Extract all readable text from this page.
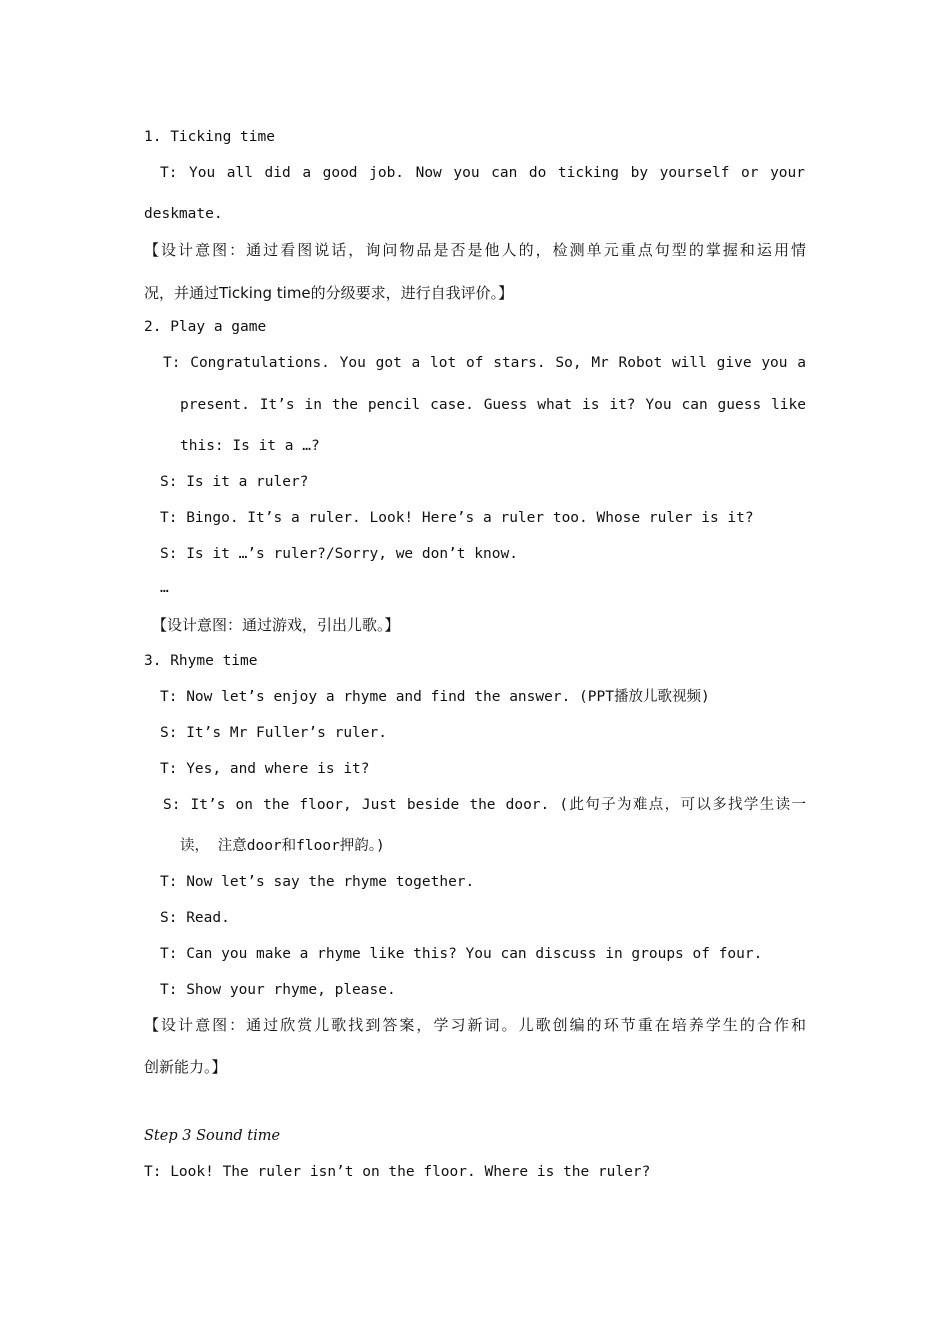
1. Ticking time
T: You all did a good job. Now you can do ticking by yourself or your
deskmate.
【设计意图：通过看图说话，询问物品是否是他人的，检测单元重点句型的掌握和运用情
况，并通过Ticking time的分级要求，进行自我评价。】
2. Play a game
T: Congratulations. You got a lot of stars. So, Mr Robot will give you a
present. It’s in the pencil case. Guess what is it? You can guess like
this: Is it a …?
S: Is it a ruler?
T: Bingo. It’s a ruler. Look! Here’s a ruler too. Whose ruler is it?
S: Is it …’s ruler?/Sorry, we don’t know.
…
【设计意图：通过游戏，引出儿歌。】
3. Rhyme time
T: Now let’s enjoy a rhyme and find the answer. (PPT播放儿歌视频)
S: It’s Mr Fuller’s ruler.
T: Yes, and where is it?
S: It’s on the floor, Just beside the door. (此句子为难点，可以多找学生读一
读， 注意door和floor押韵。)
T: Now let’s say the rhyme together.
S: Read.
T: Can you make a rhyme like this? You can discuss in groups of four.
T: Show your rhyme, please.
【设计意图：通过欣赏儿歌找到答案，学习新词。儿歌创编的环节重在培养学生的合作和
创新能力。】
Step 3 Sound time
T: Look! The ruler isn’t on the floor. Where is the ruler?
